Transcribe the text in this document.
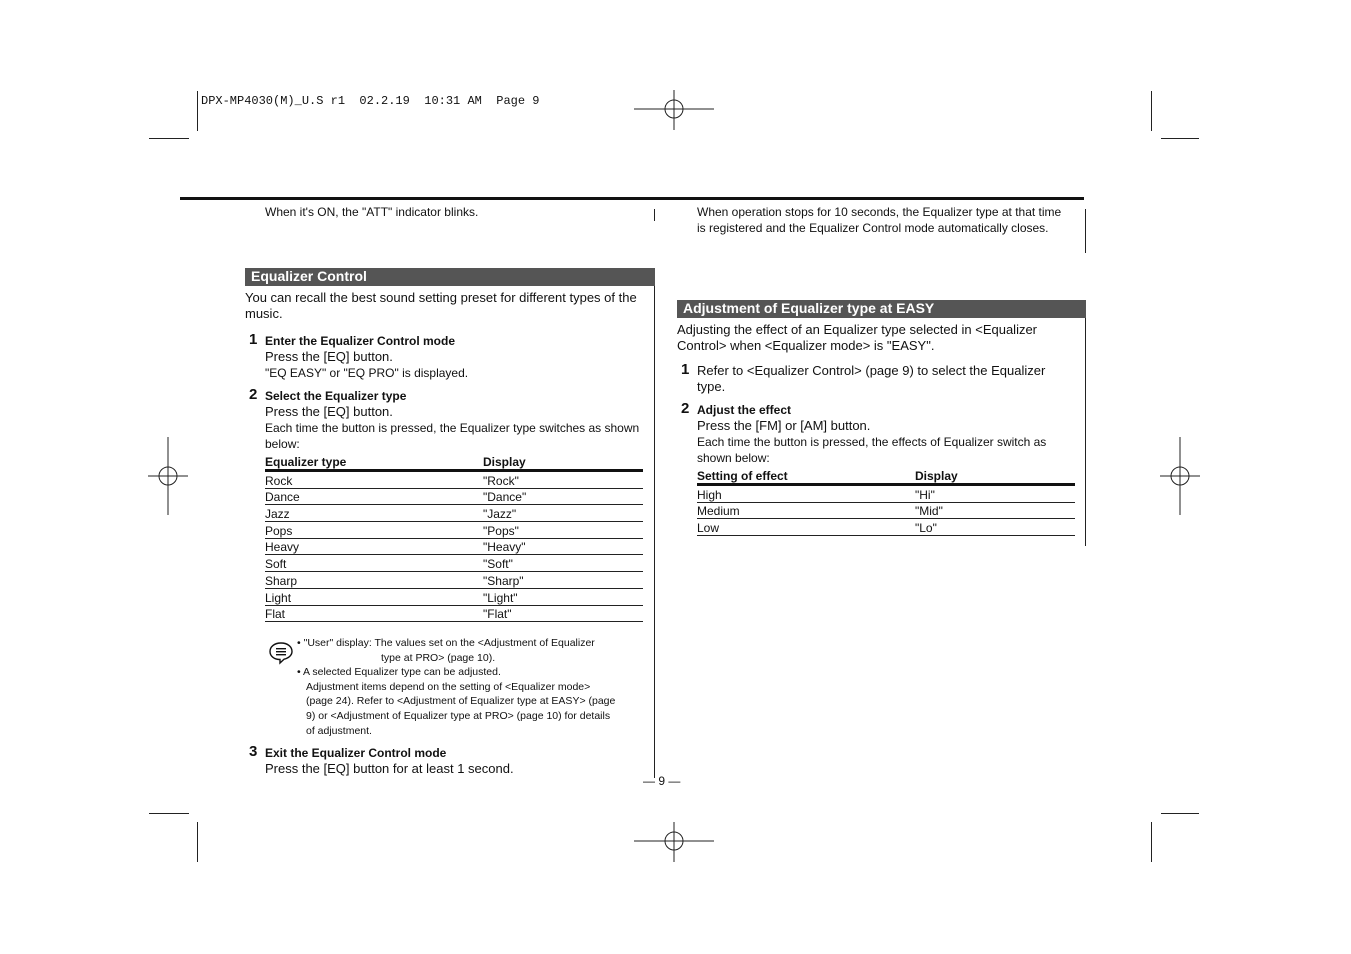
DPX-MP4030(M)_U.S r1  02.2.19  10:31 AM  Page 9
When it's ON, the "ATT" indicator blinks.
Equalizer Control
You can recall the best sound setting preset for different types of the music.
1 Enter the Equalizer Control mode
Press the [EQ] button.
"EQ EASY" or "EQ PRO" is displayed.
2 Select the Equalizer type
Press the [EQ] button.
Each time the button is pressed, the Equalizer type switches as shown below:
Equalizer type	Display
Rock	"Rock"
Dance	"Dance"
Jazz	"Jazz"
Pops	"Pops"
Heavy	"Heavy"
Soft	"Soft"
Sharp	"Sharp"
Light	"Light"
Flat	"Flat"
• "User" display: The values set on the <Adjustment of Equalizer
type at PRO> (page 10).
• A selected Equalizer type can be adjusted.
Adjustment items depend on the setting of <Equalizer mode>
(page 24). Refer to <Adjustment of Equalizer type at EASY> (page
9) or <Adjustment of Equalizer type at PRO> (page 10) for details
of adjustment.
3 Exit the Equalizer Control mode
Press the [EQ] button for at least 1 second.
— 9 —
When operation stops for 10 seconds, the Equalizer type at that time is registered and the Equalizer Control mode automatically closes.
Adjustment of Equalizer type at EASY
Adjusting the effect of an Equalizer type selected in <Equalizer Control> when <Equalizer mode> is "EASY".
1 Refer to <Equalizer Control> (page 9) to select the Equalizer type.
2 Adjust the effect
Press the [FM] or [AM] button.
Each time the button is pressed, the effects of Equalizer switch as shown below:
Setting of effect	Display
High	"Hi"
Medium	"Mid"
Low	"Lo"
